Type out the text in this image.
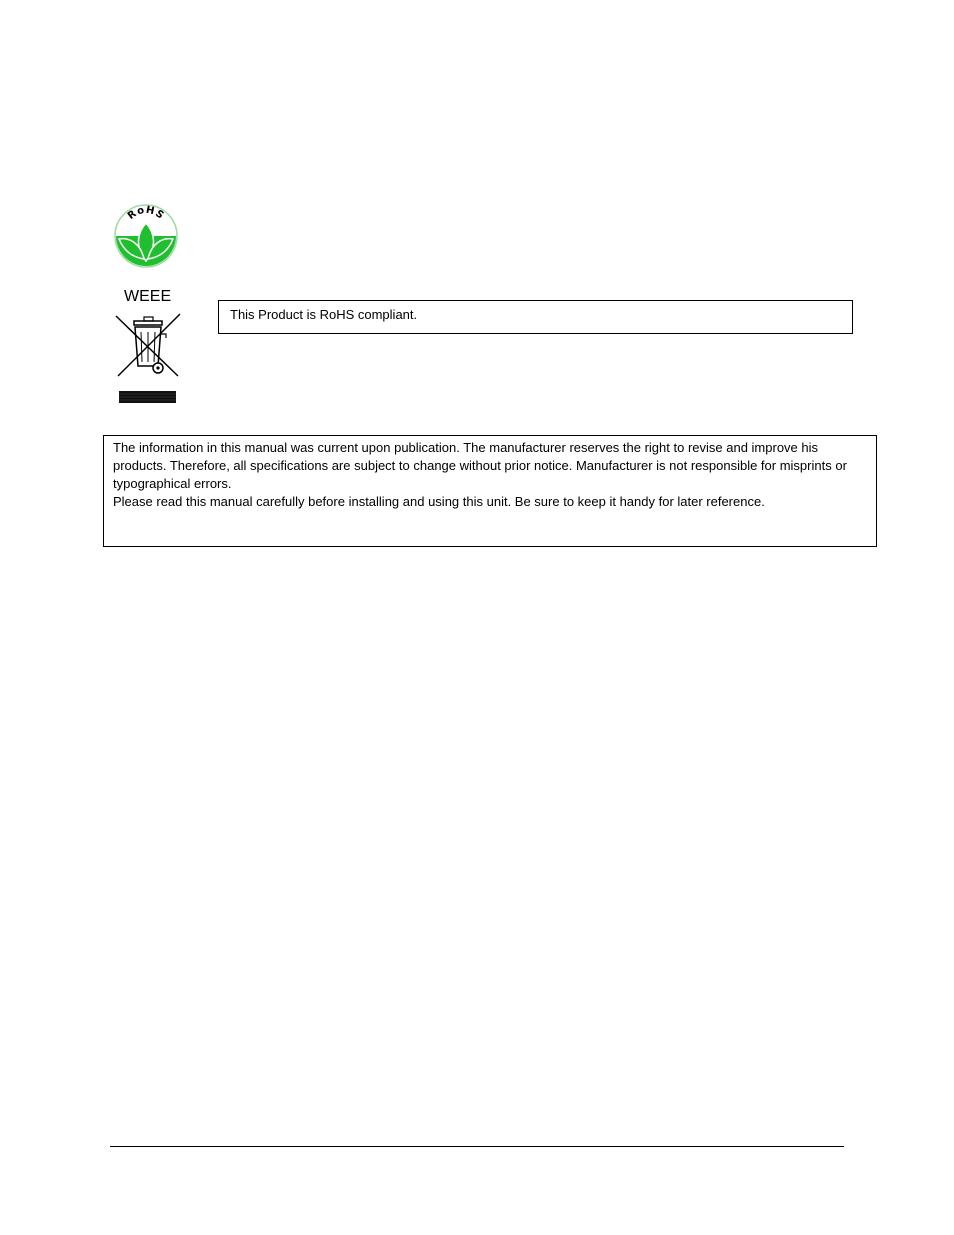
RoHS
WEEE
This Product is RoHS compliant.

The information in this manual was current upon publication. The manufacturer reserves the right to revise and improve his products. Therefore, all specifications are subject to change without prior notice. Manufacturer is not responsible for misprints or typographical errors.

Please read this manual carefully before installing and using this unit. Be sure to keep it handy for later reference.
